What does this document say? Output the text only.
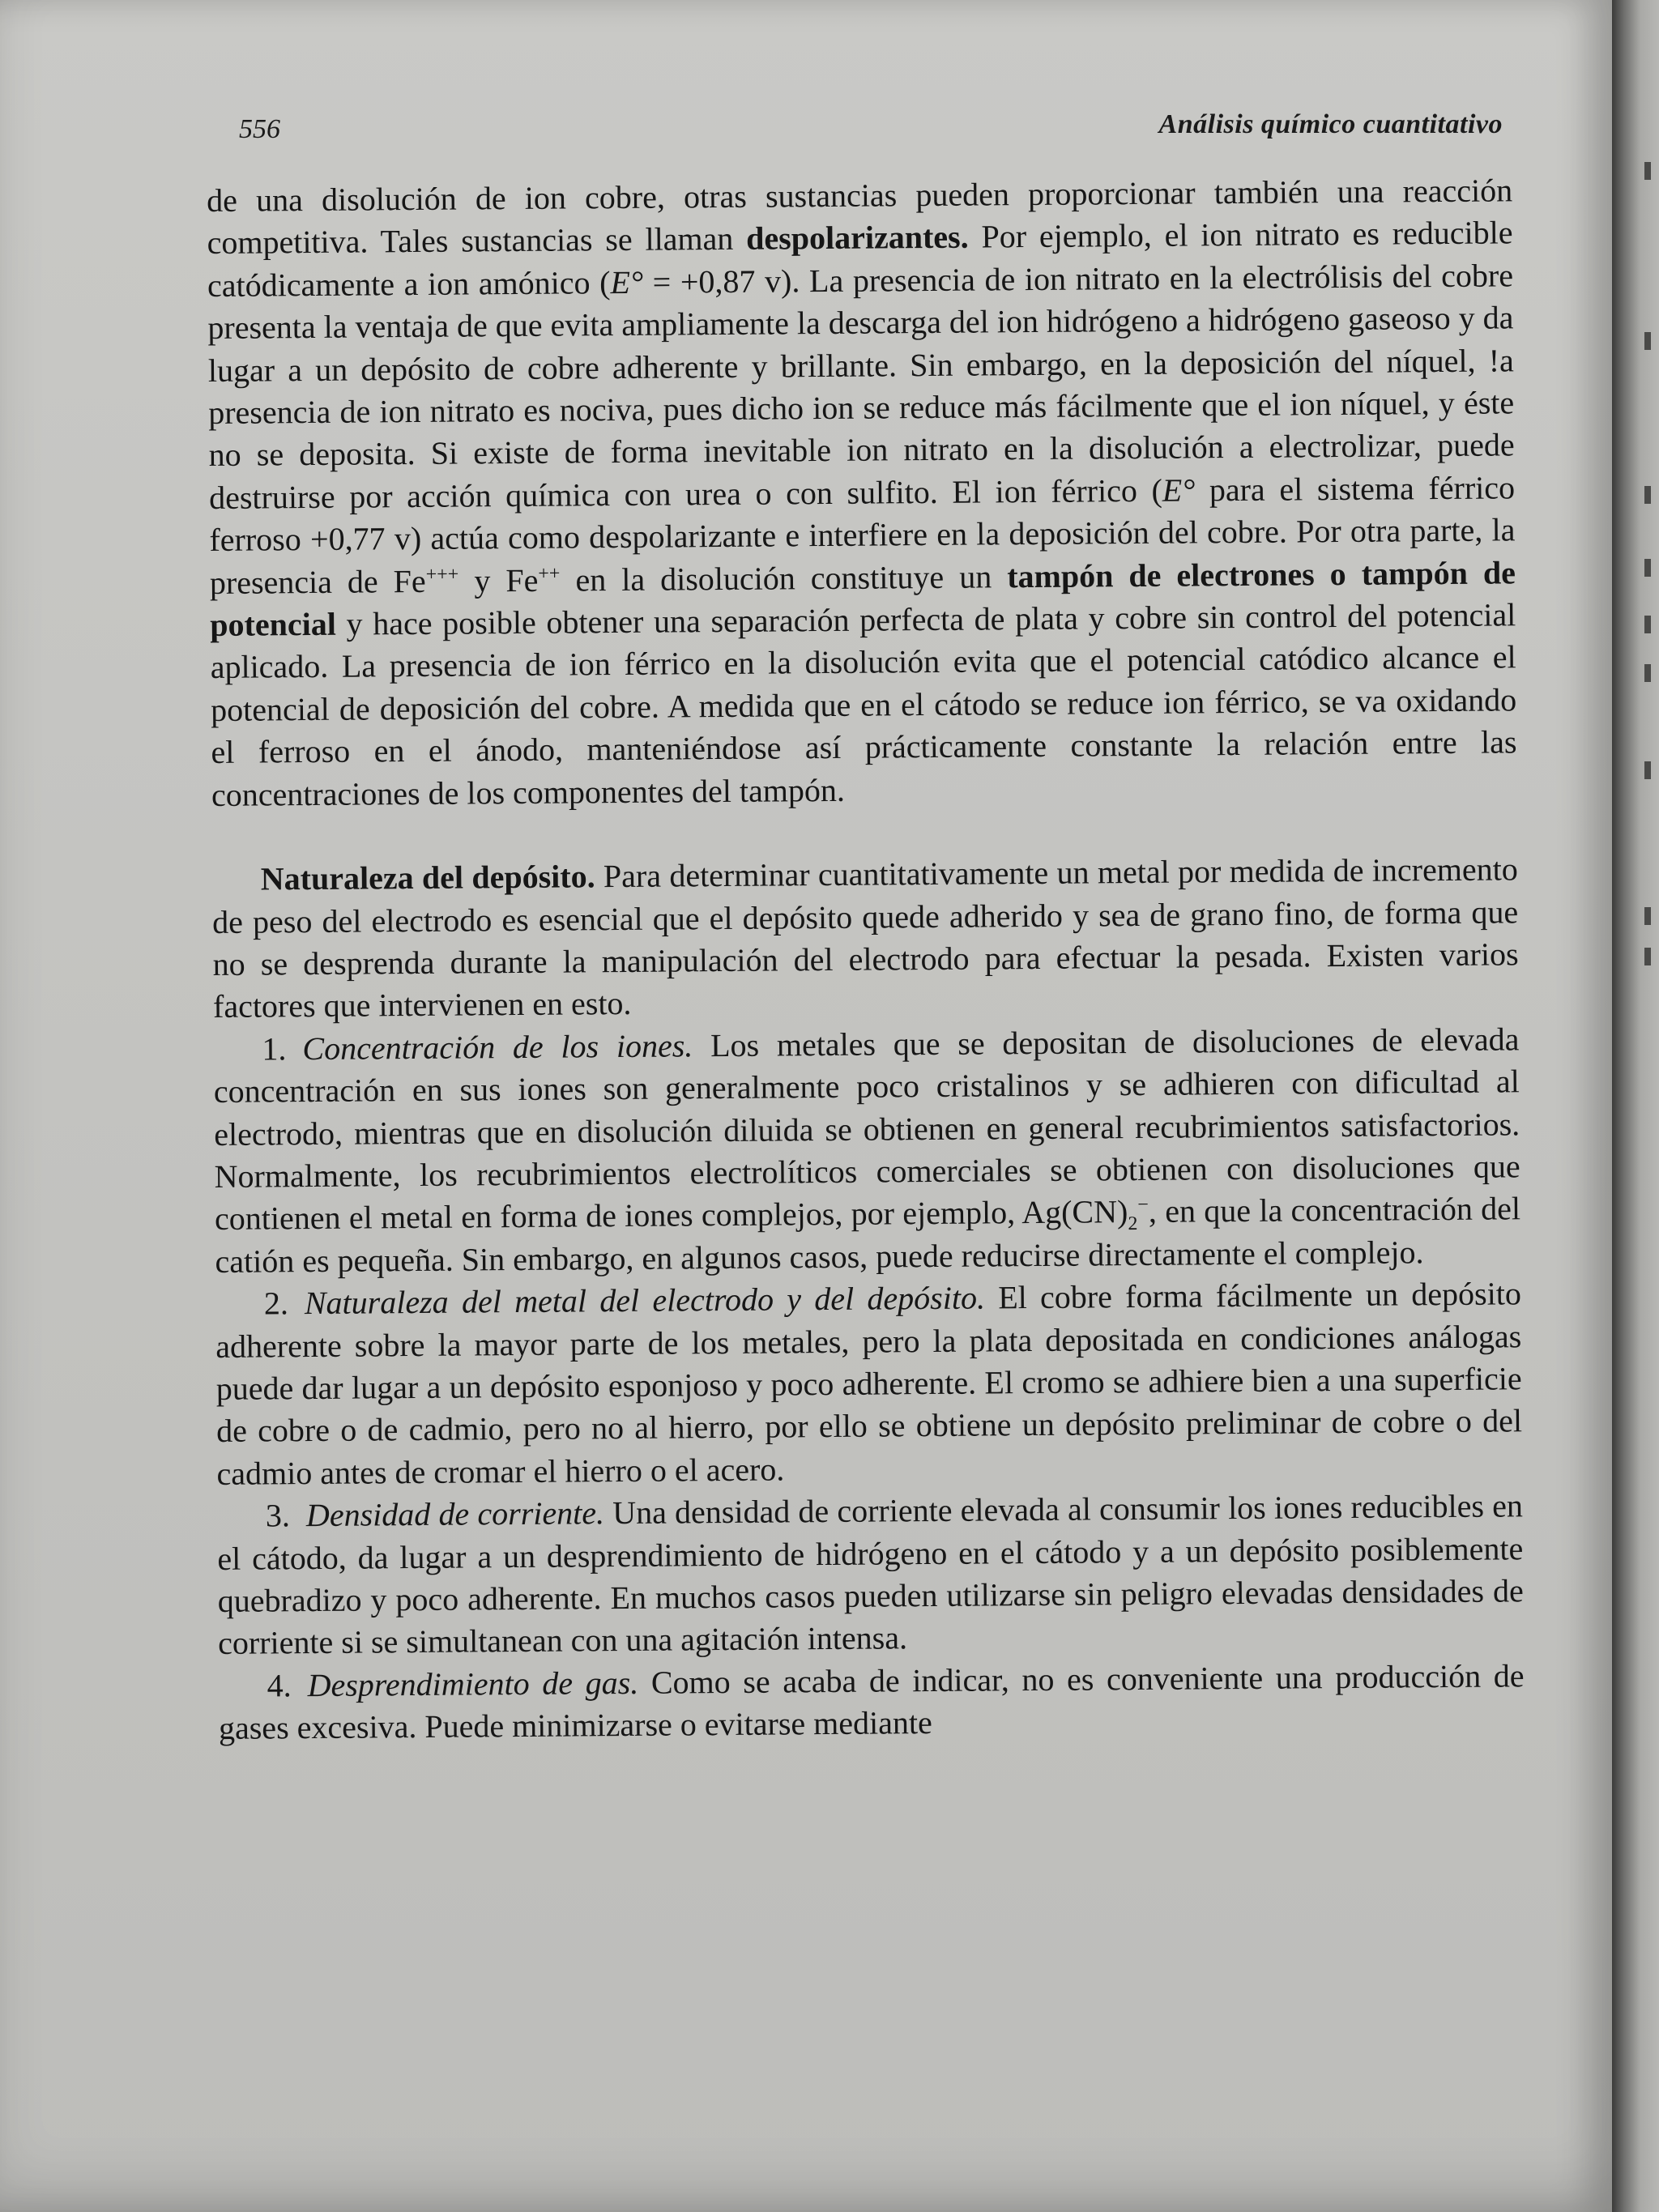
556	Análisis químico cuantitativo

de una disolución de ion cobre, otras sustancias pueden proporcionar también una reacción competitiva. Tales sustancias se llaman despolarizantes. Por ejemplo, el ion nitrato es reducible catódicamente a ion amónico (E° = +0,87 v). La presencia de ion nitrato en la electrólisis del cobre presenta la ventaja de que evita ampliamente la descarga del ion hidrógeno a hidrógeno gaseoso y da lugar a un depósito de cobre adherente y brillante. Sin embargo, en la deposición del níquel, !a presencia de ion nitrato es nociva, pues dicho ion se reduce más fácilmente que el ion níquel, y éste no se deposita. Si existe de forma inevitable ion nitrato en la disolución a electrolizar, puede destruirse por acción química con urea o con sulfito. El ion férrico (E° para el sistema férrico ferroso +0,77 v) actúa como despolarizante e interfiere en la deposición del cobre. Por otra parte, la presencia de Fe+++ y Fe++ en la disolución constituye un tampón de electrones o tampón de potencial y hace posible obtener una separación perfecta de plata y cobre sin control del potencial aplicado. La presencia de ion férrico en la disolución evita que el potencial catódico alcance el potencial de deposición del cobre. A medida que en el cátodo se reduce ion férrico, se va oxidando el ferroso en el ánodo, manteniéndose así prácticamente constante la relación entre las concentraciones de los componentes del tampón.

Naturaleza del depósito. Para determinar cuantitativamente un metal por medida de incremento de peso del electrodo es esencial que el depósito quede adherido y sea de grano fino, de forma que no se desprenda durante la manipulación del electrodo para efectuar la pesada. Existen varios factores que intervienen en esto.

1. Concentración de los iones. Los metales que se depositan de disoluciones de elevada concentración en sus iones son generalmente poco cristalinos y se adhieren con dificultad al electrodo, mientras que en disolución diluida se obtienen en general recubrimientos satisfactorios. Normalmente, los recubrimientos electrolíticos comerciales se obtienen con disoluciones que contienen el metal en forma de iones complejos, por ejemplo, $Ag(CN)_2^-$, en que la concentración del catión es pequeña. Sin embargo, en algunos casos, puede reducirse directamente el complejo.

2. Naturaleza del metal del electrodo y del depósito. El cobre forma fácilmente un depósito adherente sobre la mayor parte de los metales, pero la plata depositada en condiciones análogas puede dar lugar a un depósito esponjoso y poco adherente. El cromo se adhiere bien a una superficie de cobre o de cadmio, pero no al hierro, por ello se obtiene un depósito preliminar de cobre o del cadmio antes de cromar el hierro o el acero.

3. Densidad de corriente. Una densidad de corriente elevada al consumir los iones reducibles en el cátodo, da lugar a un desprendimiento de hidrógeno en el cátodo y a un depósito posiblemente quebradizo y poco adherente. En muchos casos pueden utilizarse sin peligro elevadas densidades de corriente si se simultanean con una agitación intensa.

4. Desprendimiento de gas. Como se acaba de indicar, no es conveniente una producción de gases excesiva. Puede minimizarse o evitarse mediante
